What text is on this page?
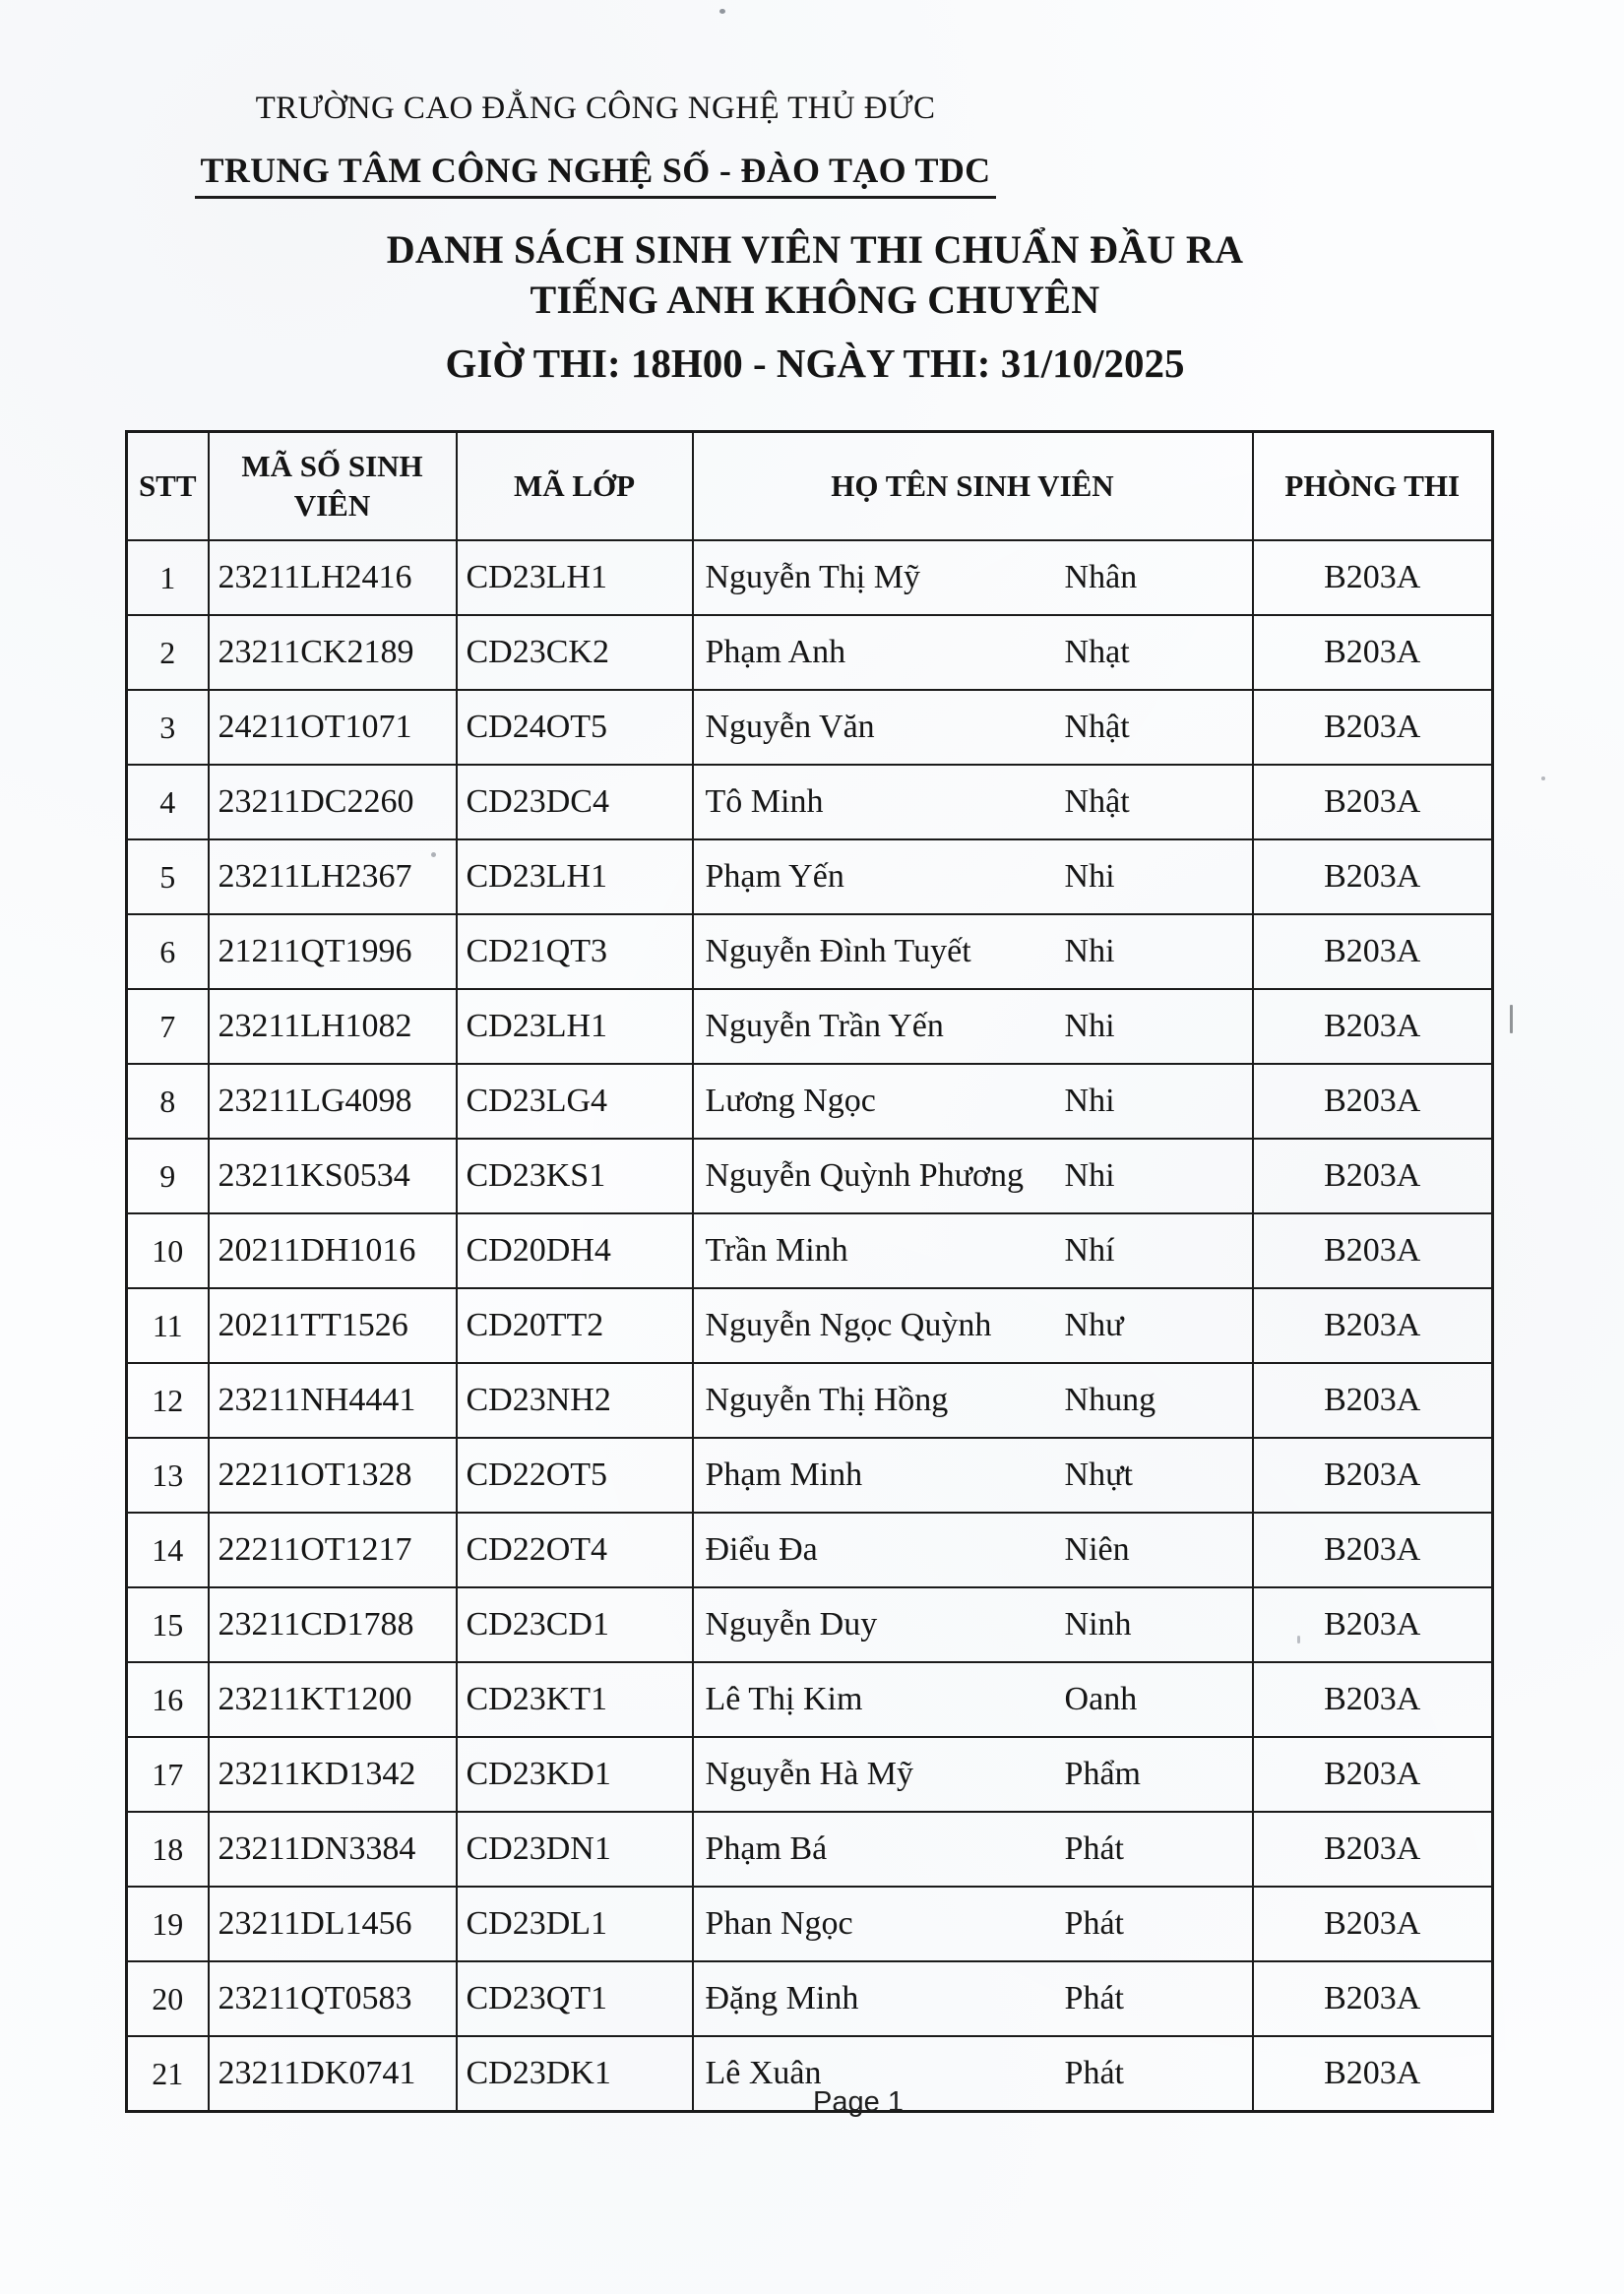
TRƯỜNG CAO ĐẲNG CÔNG NGHỆ THỦ ĐỨC

TRUNG TÂM CÔNG NGHỆ SỐ - ĐÀO TẠO TDC
DANH SÁCH SINH VIÊN THI CHUẨN ĐẦU RA
TIẾNG ANH KHÔNG CHUYÊN
GIỜ THI: 18H00 - NGÀY THI: 31/10/2025
STT	MÃ SỐ SINH VIÊN	MÃ LỚP	HỌ TÊN SINH VIÊN	PHÒNG THI
1	23211LH2416	CD23LH1	Nguyễn Thị Mỹ Nhân	B203A
2	23211CK2189	CD23CK2	Phạm Anh Nhạt	B203A
3	24211OT1071	CD24OT5	Nguyễn Văn Nhật	B203A
4	23211DC2260	CD23DC4	Tô Minh Nhật	B203A
5	23211LH2367	CD23LH1	Phạm Yến Nhi	B203A
6	21211QT1996	CD21QT3	Nguyễn Đình Tuyết Nhi	B203A
7	23211LH1082	CD23LH1	Nguyễn Trần Yến Nhi	B203A
8	23211LG4098	CD23LG4	Lương Ngọc Nhi	B203A
9	23211KS0534	CD23KS1	Nguyễn Quỳnh Phương Nhi	B203A
10	20211DH1016	CD20DH4	Trần Minh Nhí	B203A
11	20211TT1526	CD20TT2	Nguyễn Ngọc Quỳnh Như	B203A
12	23211NH4441	CD23NH2	Nguyễn Thị Hồng Nhung	B203A
13	22211OT1328	CD22OT5	Phạm Minh Nhựt	B203A
14	22211OT1217	CD22OT4	Điểu Đa Niên	B203A
15	23211CD1788	CD23CD1	Nguyễn Duy Ninh	B203A
16	23211KT1200	CD23KT1	Lê Thị Kim Oanh	B203A
17	23211KD1342	CD23KD1	Nguyễn Hà Mỹ Phẩm	B203A
18	23211DN3384	CD23DN1	Phạm Bá Phát	B203A
19	23211DL1456	CD23DL1	Phan Ngọc Phát	B203A
20	23211QT0583	CD23QT1	Đặng Minh Phát	B203A
21	23211DK0741	CD23DK1	Lê Xuân Phát	B203A
Page 1
